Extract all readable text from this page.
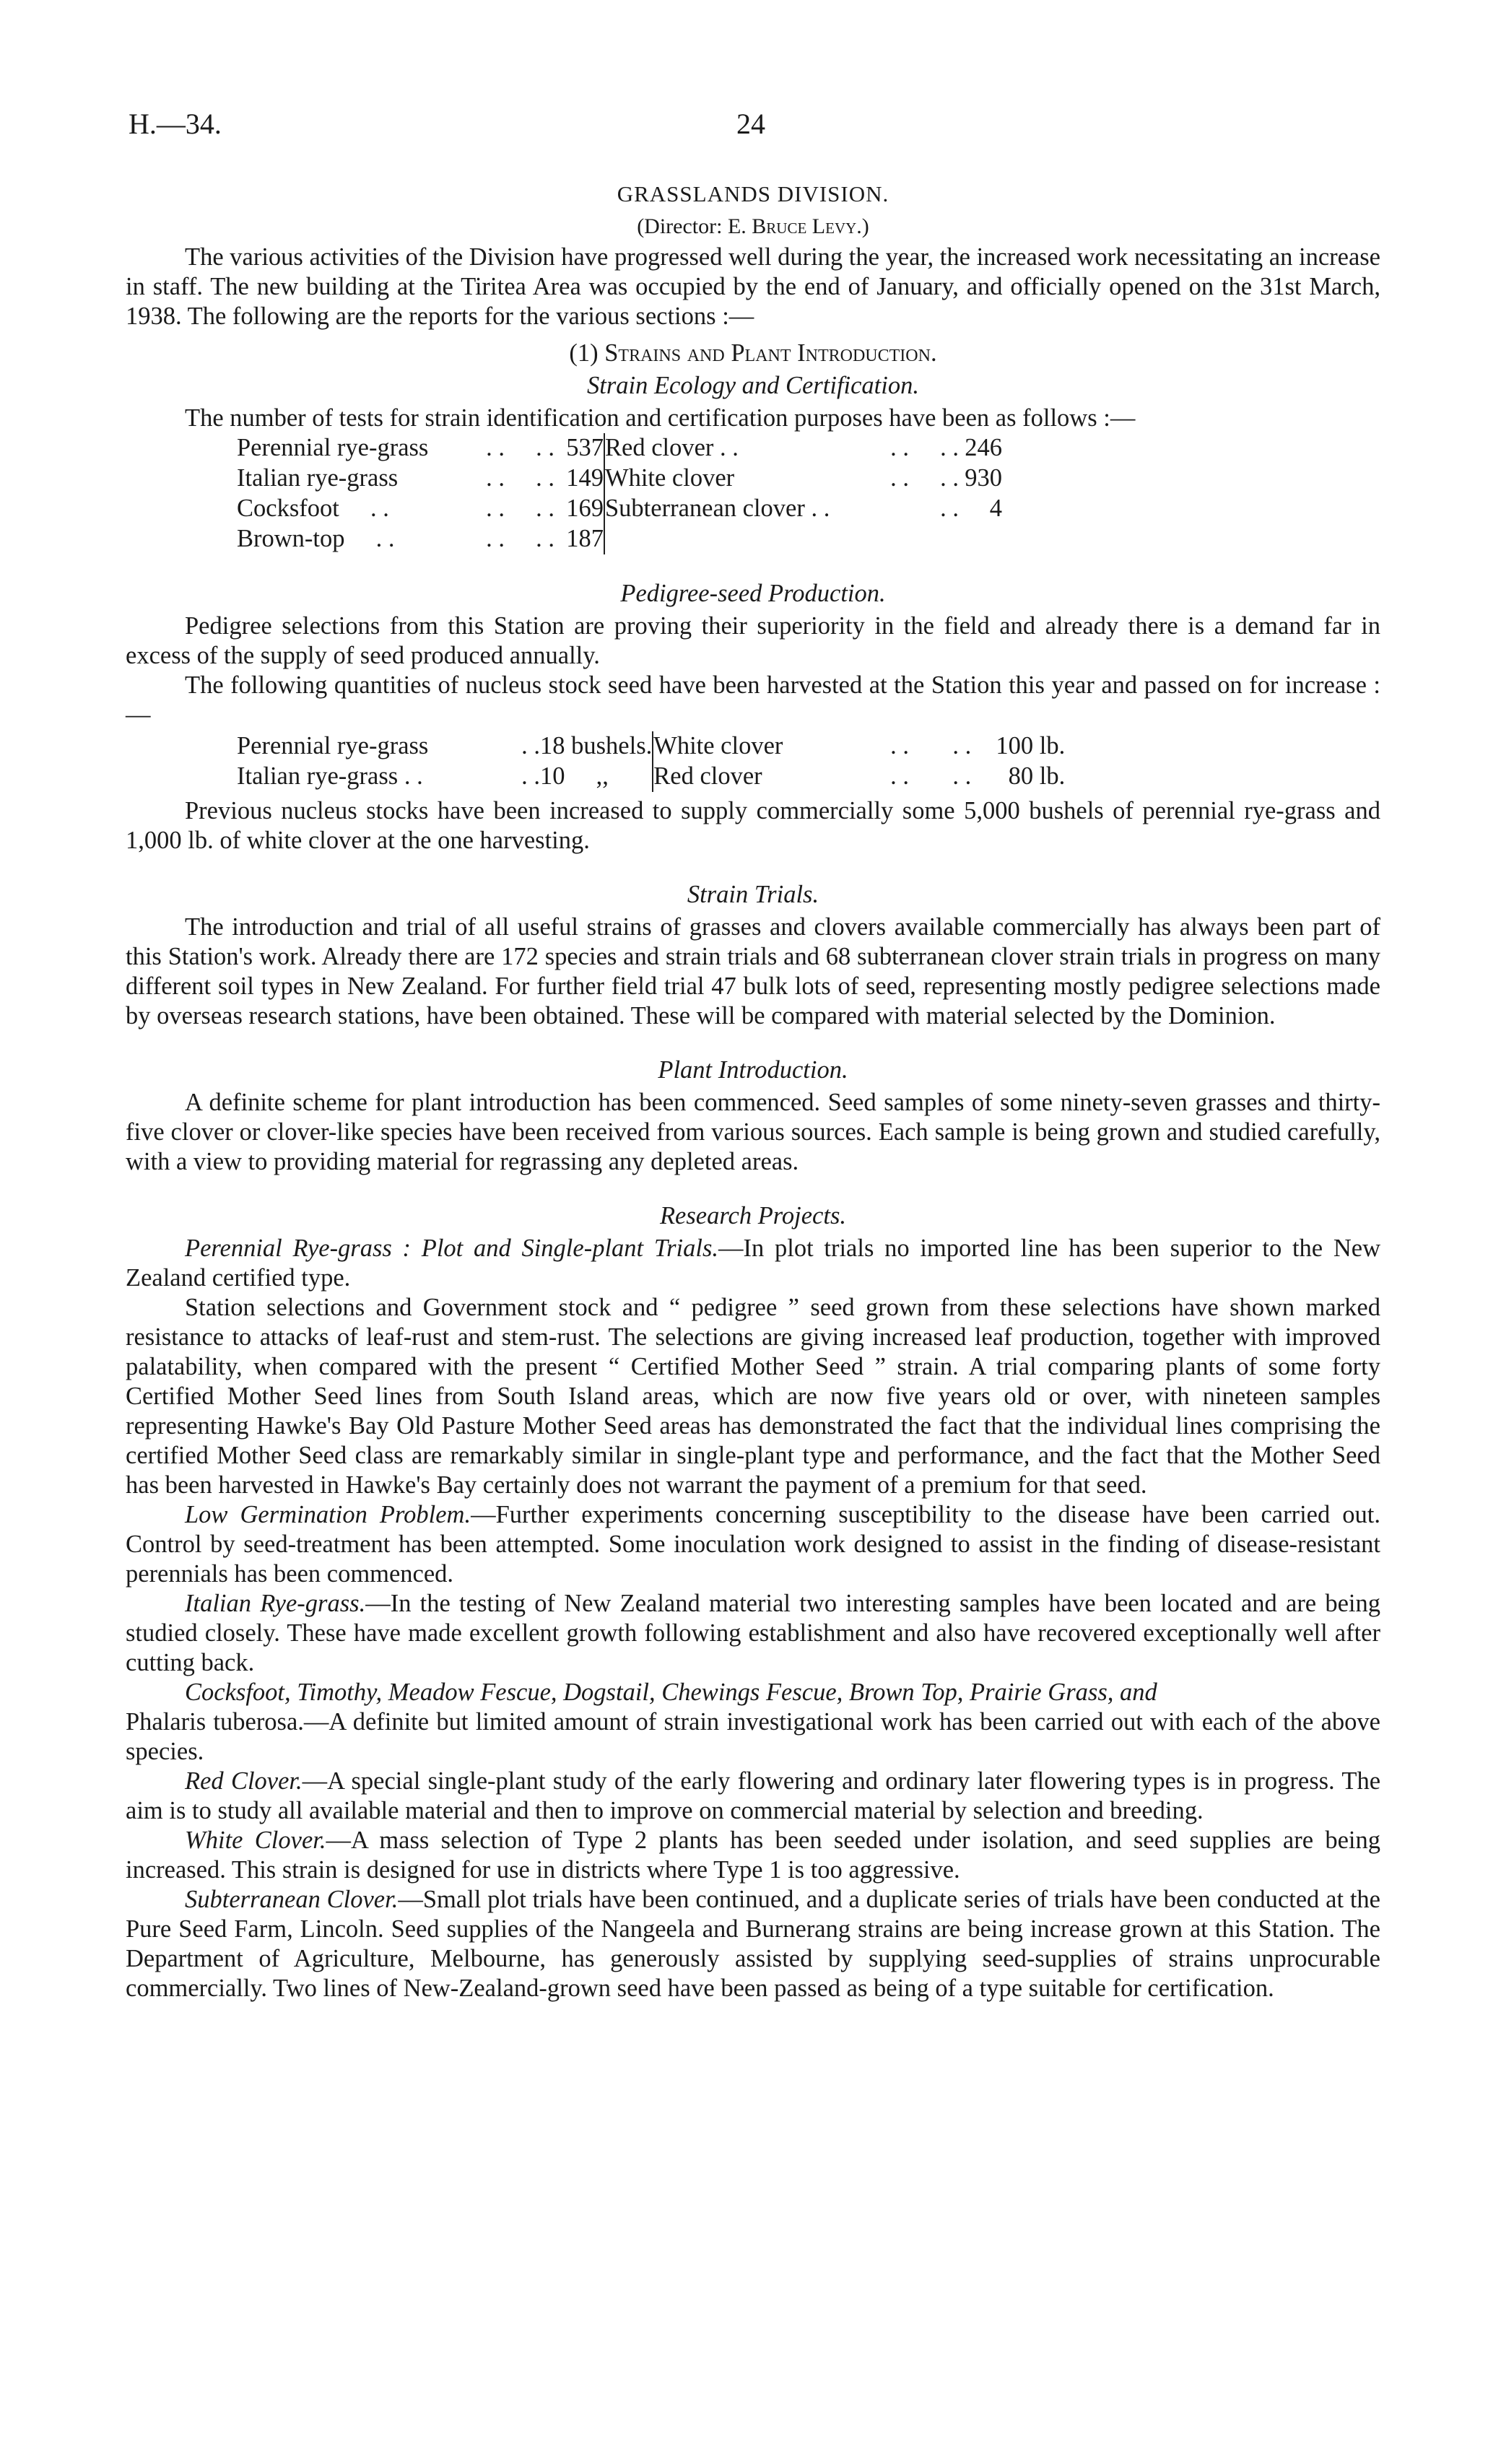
H.—34.	24
GRASSLANDS DIVISION.
(Director: E. Bruce Levy.)

The various activities of the Division have progressed well during the year, the increased work necessitating an increase in staff. The new building at the Tiritea Area was occupied by the end of January, and officially opened on the 31st March, 1938. The following are the reports for the various sections :—

(1) Strains and Plant Introduction.
Strain Ecology and Certification.

The number of tests for strain identification and certification purposes have been as follows :—

Perennial rye-grass	. .     . .	537	Red clover . .	. .     . .	246
Italian rye-grass	. .     . .	149	White clover	. .     . .	930
Cocksfoot     . .	. .     . .	169	Subterranean clover . .	. .	4
Brown-top     . .	. .     . .	187			
Pedigree-seed Production.

Pedigree selections from this Station are proving their superiority in the field and already there is a demand far in excess of the supply of seed produced annually.

The following quantities of nucleus stock seed have been harvested at the Station this year and passed on for increase :—

Perennial rye-grass	. .	18 bushels.	White clover	. .       . .	100 lb.
Italian rye-grass . .	. .	10     ,,	Red clover	. .       . .	80 lb.

Previous nucleus stocks have been increased to supply commercially some 5,000 bushels of perennial rye-grass and 1,000 lb. of white clover at the one harvesting.

Strain Trials.

The introduction and trial of all useful strains of grasses and clovers available commercially has always been part of this Station's work. Already there are 172 species and strain trials and 68 subterranean clover strain trials in progress on many different soil types in New Zealand. For further field trial 47 bulk lots of seed, representing mostly pedigree selections made by overseas research stations, have been obtained. These will be compared with material selected by the Dominion.

Plant Introduction.

A definite scheme for plant introduction has been commenced. Seed samples of some ninety-seven grasses and thirty-five clover or clover-like species have been received from various sources. Each sample is being grown and studied carefully, with a view to providing material for regrassing any depleted areas.

Research Projects.

Perennial Rye-grass : Plot and Single-plant Trials.—In plot trials no imported line has been superior to the New Zealand certified type.

Station selections and Government stock and “ pedigree ” seed grown from these selections have shown marked resistance to attacks of leaf-rust and stem-rust. The selections are giving increased leaf production, together with improved palatability, when compared with the present “ Certified Mother Seed ” strain. A trial comparing plants of some forty Certified Mother Seed lines from South Island areas, which are now five years old or over, with nineteen samples representing Hawke's Bay Old Pasture Mother Seed areas has demonstrated the fact that the individual lines comprising the certified Mother Seed class are remarkably similar in single-plant type and performance, and the fact that the Mother Seed has been harvested in Hawke's Bay certainly does not warrant the payment of a premium for that seed.

Low Germination Problem.—Further experiments concerning susceptibility to the disease have been carried out. Control by seed-treatment has been attempted. Some inoculation work designed to assist in the finding of disease-resistant perennials has been commenced.

Italian Rye-grass.—In the testing of New Zealand material two interesting samples have been located and are being studied closely. These have made excellent growth following establishment and also have recovered exceptionally well after cutting back.

Cocksfoot, Timothy, Meadow Fescue, Dogstail, Chewings Fescue, Brown Top, Prairie Grass, and

Phalaris tuberosa.—A definite but limited amount of strain investigational work has been carried out with each of the above species.

Red Clover.—A special single-plant study of the early flowering and ordinary later flowering types is in progress. The aim is to study all available material and then to improve on commercial material by selection and breeding.

White Clover.—A mass selection of Type 2 plants has been seeded under isolation, and seed supplies are being increased. This strain is designed for use in districts where Type 1 is too aggressive.

Subterranean Clover.—Small plot trials have been continued, and a duplicate series of trials have been conducted at the Pure Seed Farm, Lincoln. Seed supplies of the Nangeela and Burnerang strains are being increase grown at this Station. The Department of Agriculture, Melbourne, has generously assisted by supplying seed-supplies of strains unprocurable commercially. Two lines of New-Zealand-grown seed have been passed as being of a type suitable for certification.
